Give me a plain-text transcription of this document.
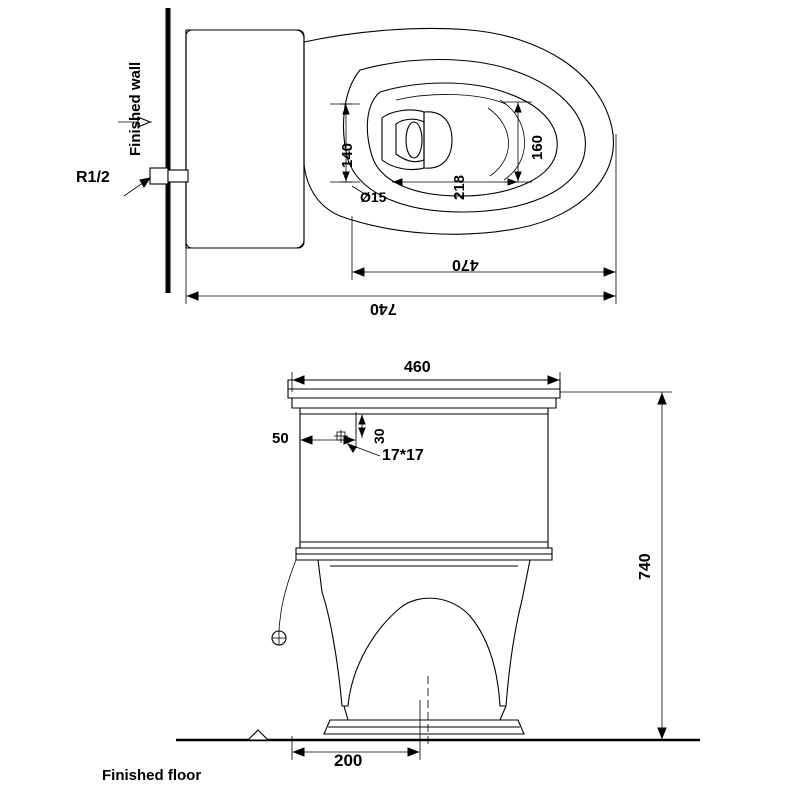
Finished wall
R1/2
140
Ø15
160
218
470
740
460
50	30
17*17
740
200
Finished floor
